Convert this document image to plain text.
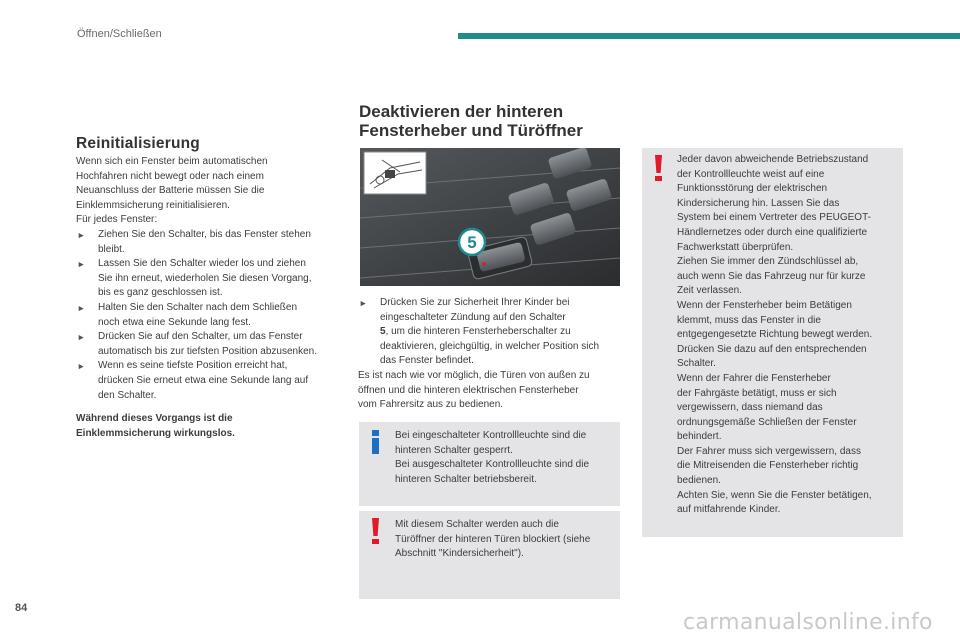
Öffnen/Schließen
Reinitialisierung

Wenn sich ein Fenster beim automatischen

Hochfahren nicht bewegt oder nach einem

Neuanschluss der Batterie müssen Sie die

Einklemmsicherung reinitialisieren.

Für jedes Fenster:

► Ziehen Sie den Schalter, bis das Fenster stehen
bleibt.
► Lassen Sie den Schalter wieder los und ziehen
Sie ihn erneut, wiederholen Sie diesen Vorgang,
bis es ganz geschlossen ist.
► Halten Sie den Schalter nach dem Schließen
noch etwa eine Sekunde lang fest.
► Drücken Sie auf den Schalter, um das Fenster
automatisch bis zur tiefsten Position abzusenken.
► Wenn es seine tiefste Position erreicht hat,
drücken Sie erneut etwa eine Sekunde lang auf
den Schalter.
Während dieses Vorgangs ist die
Einklemmsicherung wirkungslos.
Deaktivieren der hinteren
Fensterheber und Türöffner
5
► Drücken Sie zur Sicherheit Ihrer Kinder bei
eingeschalteter Zündung auf den Schalter
5, um die hinteren Fensterheberschalter zu
deaktivieren, gleichgültig, in welcher Position sich
das Fenster befindet.

Es ist nach wie vor möglich, die Türen von außen zu
öffnen und die hinteren elektrischen Fensterheber
vom Fahrersitz aus zu bedienen.

Bei eingeschalteter Kontrollleuchte sind die

hinteren Schalter gesperrt.

Bei ausgeschalteter Kontrollleuchte sind die

hinteren Schalter betriebsbereit.

Mit diesem Schalter werden auch die

Türöffner der hinteren Türen blockiert (siehe

Abschnitt "Kindersicherheit").

Jeder davon abweichende Betriebszustand

der Kontrollleuchte weist auf eine

Funktionsstörung der elektrischen

Kindersicherung hin. Lassen Sie das

System bei einem Vertreter des PEUGEOT-

Händlernetzes oder durch eine qualifizierte

Fachwerkstatt überprüfen.

Ziehen Sie immer den Zündschlüssel ab,

auch wenn Sie das Fahrzeug nur für kurze

Zeit verlassen.

Wenn der Fensterheber beim Betätigen

klemmt, muss das Fenster in die

entgegengesetzte Richtung bewegt werden.

Drücken Sie dazu auf den entsprechenden

Schalter.

Wenn der Fahrer die Fensterheber

der Fahrgäste betätigt, muss er sich

vergewissern, dass niemand das

ordnungsgemäße Schließen der Fenster

behindert.

Der Fahrer muss sich vergewissern, dass

die Mitreisenden die Fensterheber richtig

bedienen.

Achten Sie, wenn Sie die Fenster betätigen,

auf mitfahrende Kinder.

84
carmanualsonline.info
